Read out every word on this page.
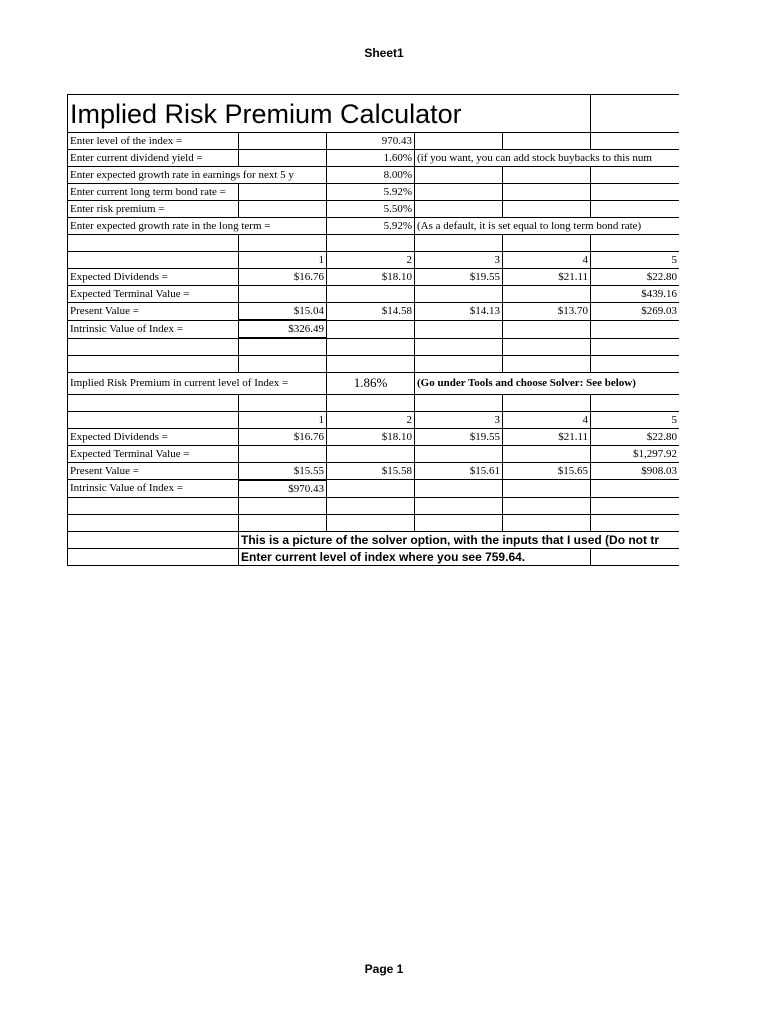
Sheet1
Implied Risk Premium Calculator					
Enter level of the index =		970.43			
Enter current dividend yield =		1.60%	(if you want, you can add stock buybacks to this num		
Enter expected growth rate in earnings for next 5 y		8.00%			
Enter current long term bond rate =		5.92%			
Enter risk premium =		5.50%			
Enter expected growth rate in the long term =		5.92%	(As a default, it is set equal to long term bond rate)		

	1	2	3	4	5
Expected Dividends =	$16.76	$18.10	$19.55	$21.11	$22.80
Expected Terminal Value =					$439.16
Present Value =	$15.04	$14.58	$14.13	$13.70	$269.03
Intrinsic Value of Index =	$326.49				

Implied Risk Premium in current level of Index =		1.86%	(Go under Tools and choose Solver: See below)		

	1	2	3	4	5
Expected Dividends =	$16.76	$18.10	$19.55	$21.11	$22.80
Expected Terminal Value =					$1,297.92
Present Value =	$15.55	$15.58	$15.61	$15.65	$908.03
Intrinsic Value of Index =	$970.43				

	This is a picture of the solver option, with the inputs that I used (Do not tr				
	Enter current level of index where you see 759.64.				
Page 1
